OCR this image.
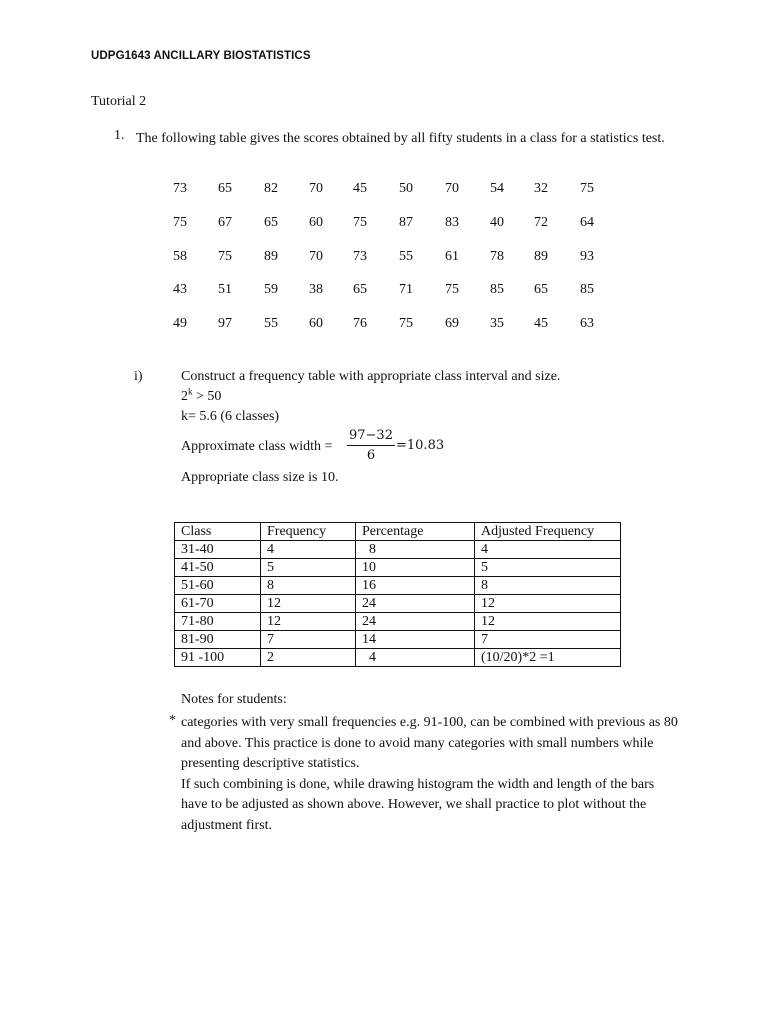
UDPG1643 ANCILLARY BIOSTATISTICS
Tutorial 2
1. The following table gives the scores obtained by all fifty students in a class for a statistics test.
73 65 82 70 45 50 70 54 32 75
75 67 65 60 75 87 83 40 72 64
58 75 89 70 73 55 61 78 89 93
43 51 59 38 65 71 75 85 65 85
49 97 55 60 76 75 69 35 45 63
i)	Construct a frequency table with appropriate class interval and size.
$2^k > 50$
k= 5.6 (6 classes)
Approximate class width = $\frac{97-32}{6} =10.83$
Appropriate class size is 10.
Class	Frequency	Percentage	Adjusted Frequency
31-40	4	8	4
41-50	5	10	5
51-60	8	16	8
61-70	12	24	12
71-80	12	24	12
81-90	7	14	7
91 -100	2	4	(10/20)*2 =1
Notes for students:
* categories with very small frequencies e.g. 91-100, can be combined with previous as 80 and above. This practice is done to avoid many categories with small numbers while presenting descriptive statistics.

If such combining is done, while drawing histogram the width and length of the bars have to be adjusted as shown above. However, we shall practice to plot without the adjustment first.
